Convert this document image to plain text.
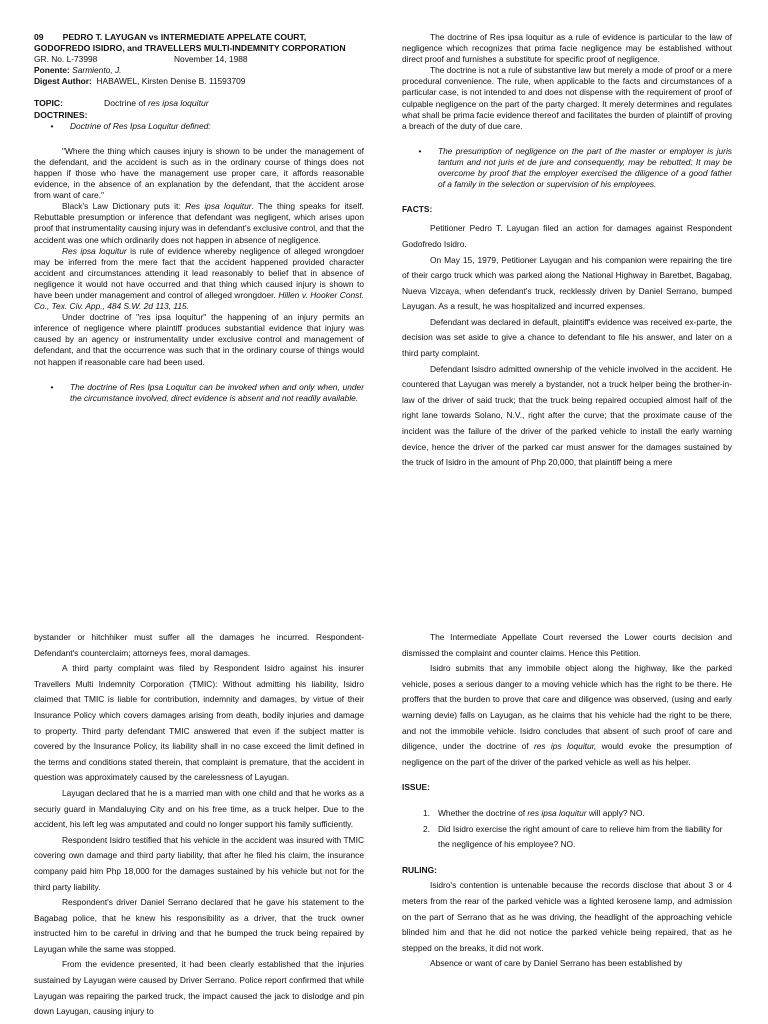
09 PEDRO T. LAYUGAN vs INTERMEDIATE APPELATE COURT,

GODOFREDO ISIDRO, and TRAVELLERS MULTI-INDEMNITY CORPORATION

GR. No. L-73998	November 14, 1988
Ponente:
Sarmiento, J.
Digest Author:
HABAWEL, Kirsten Denise B. 11593709
TOPIC:	Doctrine of res ipsa loquitur

DOCTRINES:

•	Doctrine of Res Ipsa Loquitur defined:

"Where the thing which causes injury is shown to be under the management of the defendant, and the accident is such as in the ordinary course of things does not happen if those who have the management use proper care, it affords reasonable evidence, in the absence of an explanation by the defendant, that the accident arose from want of care."

Black's Law Dictionary puts it: Res ipsa loquitur. The thing speaks for itself. Rebuttable presumption or inference that defendant was negligent, which arises upon proof that instrumentality causing injury was in defendant's exclusive control, and that the accident was one which ordinarily does not happen in absence of negligence.

Res ipsa loquitur is rule of evidence whereby negligence of alleged wrongdoer may be inferred from the mere fact that the accident happened provided character accident and circumstances attending it lead reasonably to belief that in absence of negligence it would not have occurred and that thing which caused injury is shown to have been under management and control of alleged wrongdoer. Hillen v. Hooker Const. Co., Tex. Civ. App., 484 S.W. 2d 113, 115.

Under doctrine of "res ipsa loquitur" the happening of an injury permits an inference of negligence where plaintiff produces substantial evidence that injury was caused by an agency or instrumentality under exclusive control and management of defendant, and that the occurrence was such that in the ordinary course of things would not happen if reasonable care had been used.

•	The doctrine of Res Ipsa Loquitur can be invoked when and only when, under the circumstance involved, direct evidence is absent and not readily available.

The doctrine of Res ipsa loquitur as a rule of evidence is particular to the law of negligence which recognizes that prima facie negligence may be established without direct proof and furnishes a substitute for specific proof of negligence.

The doctrine is not a rule of substantive law but merely a mode of proof or a mere procedural convenience. The rule, when applicable to the facts and circumstances of a particular case, is not intended to and does not dispense with the requirement of proof of culpable negligence on the part of the party charged. It merely determines and regulates what shall be prima facie evidence thereof and facilitates the burden of plaintiff of proving a breach of the duty of due care.

•	The presumption of negligence on the part of the master or employer is juris tantum and not juris et de jure and consequently, may be rebutted; It may be overcome by proof that the employer exercised the diligence of a good father of a family in the selection or supervision of his employees.

FACTS:

Petitioner Pedro T. Layugan filed an action for damages against Respondent Godofredo Isidro.

On May 15, 1979, Petitioner Layugan and his companion were repairing the tire of their cargo truck which was parked along the National Highway in Baretbet, Bagabag, Nueva Vizcaya, when defendant's truck, recklessly driven by Daniel Serrano, bumped Layugan. As a result, he was hospitalized and incurred expenses.

Defendant was declared in default, plaintiff's evidence was received ex-parte, the decision was set aside to give a chance to defendant to file his answer, and later on a third party complaint.

Defendant Isisdro admitted ownership of the vehicle involved in the accident. He countered that Layugan was merely a bystander, not a truck helper being the brother-in-law of the driver of said truck; that the truck being repaired occupied almost half of the right lane towards Solano, N.V., right after the curve; that the proximate cause of the incident was the failure of the driver of the parked vehicle to install the early warning device, hence the driver of the parked car must answer for the damages sustained by the truck of Isidro in the amount of Php 20,000, that plaintiff being a mere

bystander or hitchhiker must suffer all the damages he incurred. Respondent-Defendant's counterclaim; attorneys fees, moral damages.

A third party complaint was filed by Respondent Isidro against his insurer Travellers Multi Indemnity Corporation (TMIC): Without admitting his liability, Isidro claimed that TMIC is liable for contribution, indemnity and damages, by virtue of their Insurance Policy which covers damages arising from death, bodily injuries and damage to property. Third party defendant TMIC answered that even if the subject matter is covered by the Insurance Policy, its liability shall in no case exceed the limit defined in the terms and conditions stated therein, that complaint is premature, that the accident in question was approximately caused by the carelessness of Layugan.

Layugan declared that he is a married man with one child and that he works as a securiy guard in Mandaluying City and on his free time, as a truck helper. Due to the accident, his left leg was amputated and could no longer support his family sufficiently.

Respondent Isidro testified that his vehicle in the accident was insured with TMIC covering own damage and third party liability, that after he filed his claim, the insurance company paid him Php 18,000 for the damages sustained by his vehicle but not for the third party liability.

Respondent's driver Daniel Serrano declared that he gave his statement to the Bagabag police, that he knew his responsibility as a driver, that the truck owner instructed him to be careful in driving and that he bumped the truck being repaired by Layugan while the same was stopped.

From the evidence presented, it had been clearly established that the injuries sustained by Layugan were caused by Driver Serrano. Police report confirmed that while Layugan was repairing the parked truck, the impact caused the jack to dislodge and pin down Layugan, causing injury to

The Intermediate Appellate Court reversed the Lower courts decision and dismissed the complaint and counter claims. Hence this Petition.

Isidro submits that any immobile object along the highway, like the parked vehicle, poses a serious danger to a moving vehicle which has the right to be there. He proffers that the burden to prove that care and diligence was observed, (using and early warning devie) falls on Layugan, as he claims that his vehicle had the right to be there, and not the immobile vehicle. Isidro concludes that absent of such proof of care and diligence, under the doctrine of res ips loquitur, would evoke the presumption of negligence on the part of the driver of the parked vehicle as well as his helper.

ISSUE:

1. Whether the doctrine of res ipsa loquitur will apply? NO.
2. Did Isidro exercise the right amount of care to relieve him from the liability for the negligence of his employee? NO.

RULING:

Isidro's contention is untenable because the records disclose that about 3 or 4 meters from the rear of the parked vehicle was a lighted kerosene lamp, and admission on the part of Serrano that as he was driving, the headlight of the approaching vehicle blinded him and that he did not notice the parked vehicle being repaired, that as he stepped on the breaks, it did not work.

Absence or want of care by Daniel Serrano has been established by
